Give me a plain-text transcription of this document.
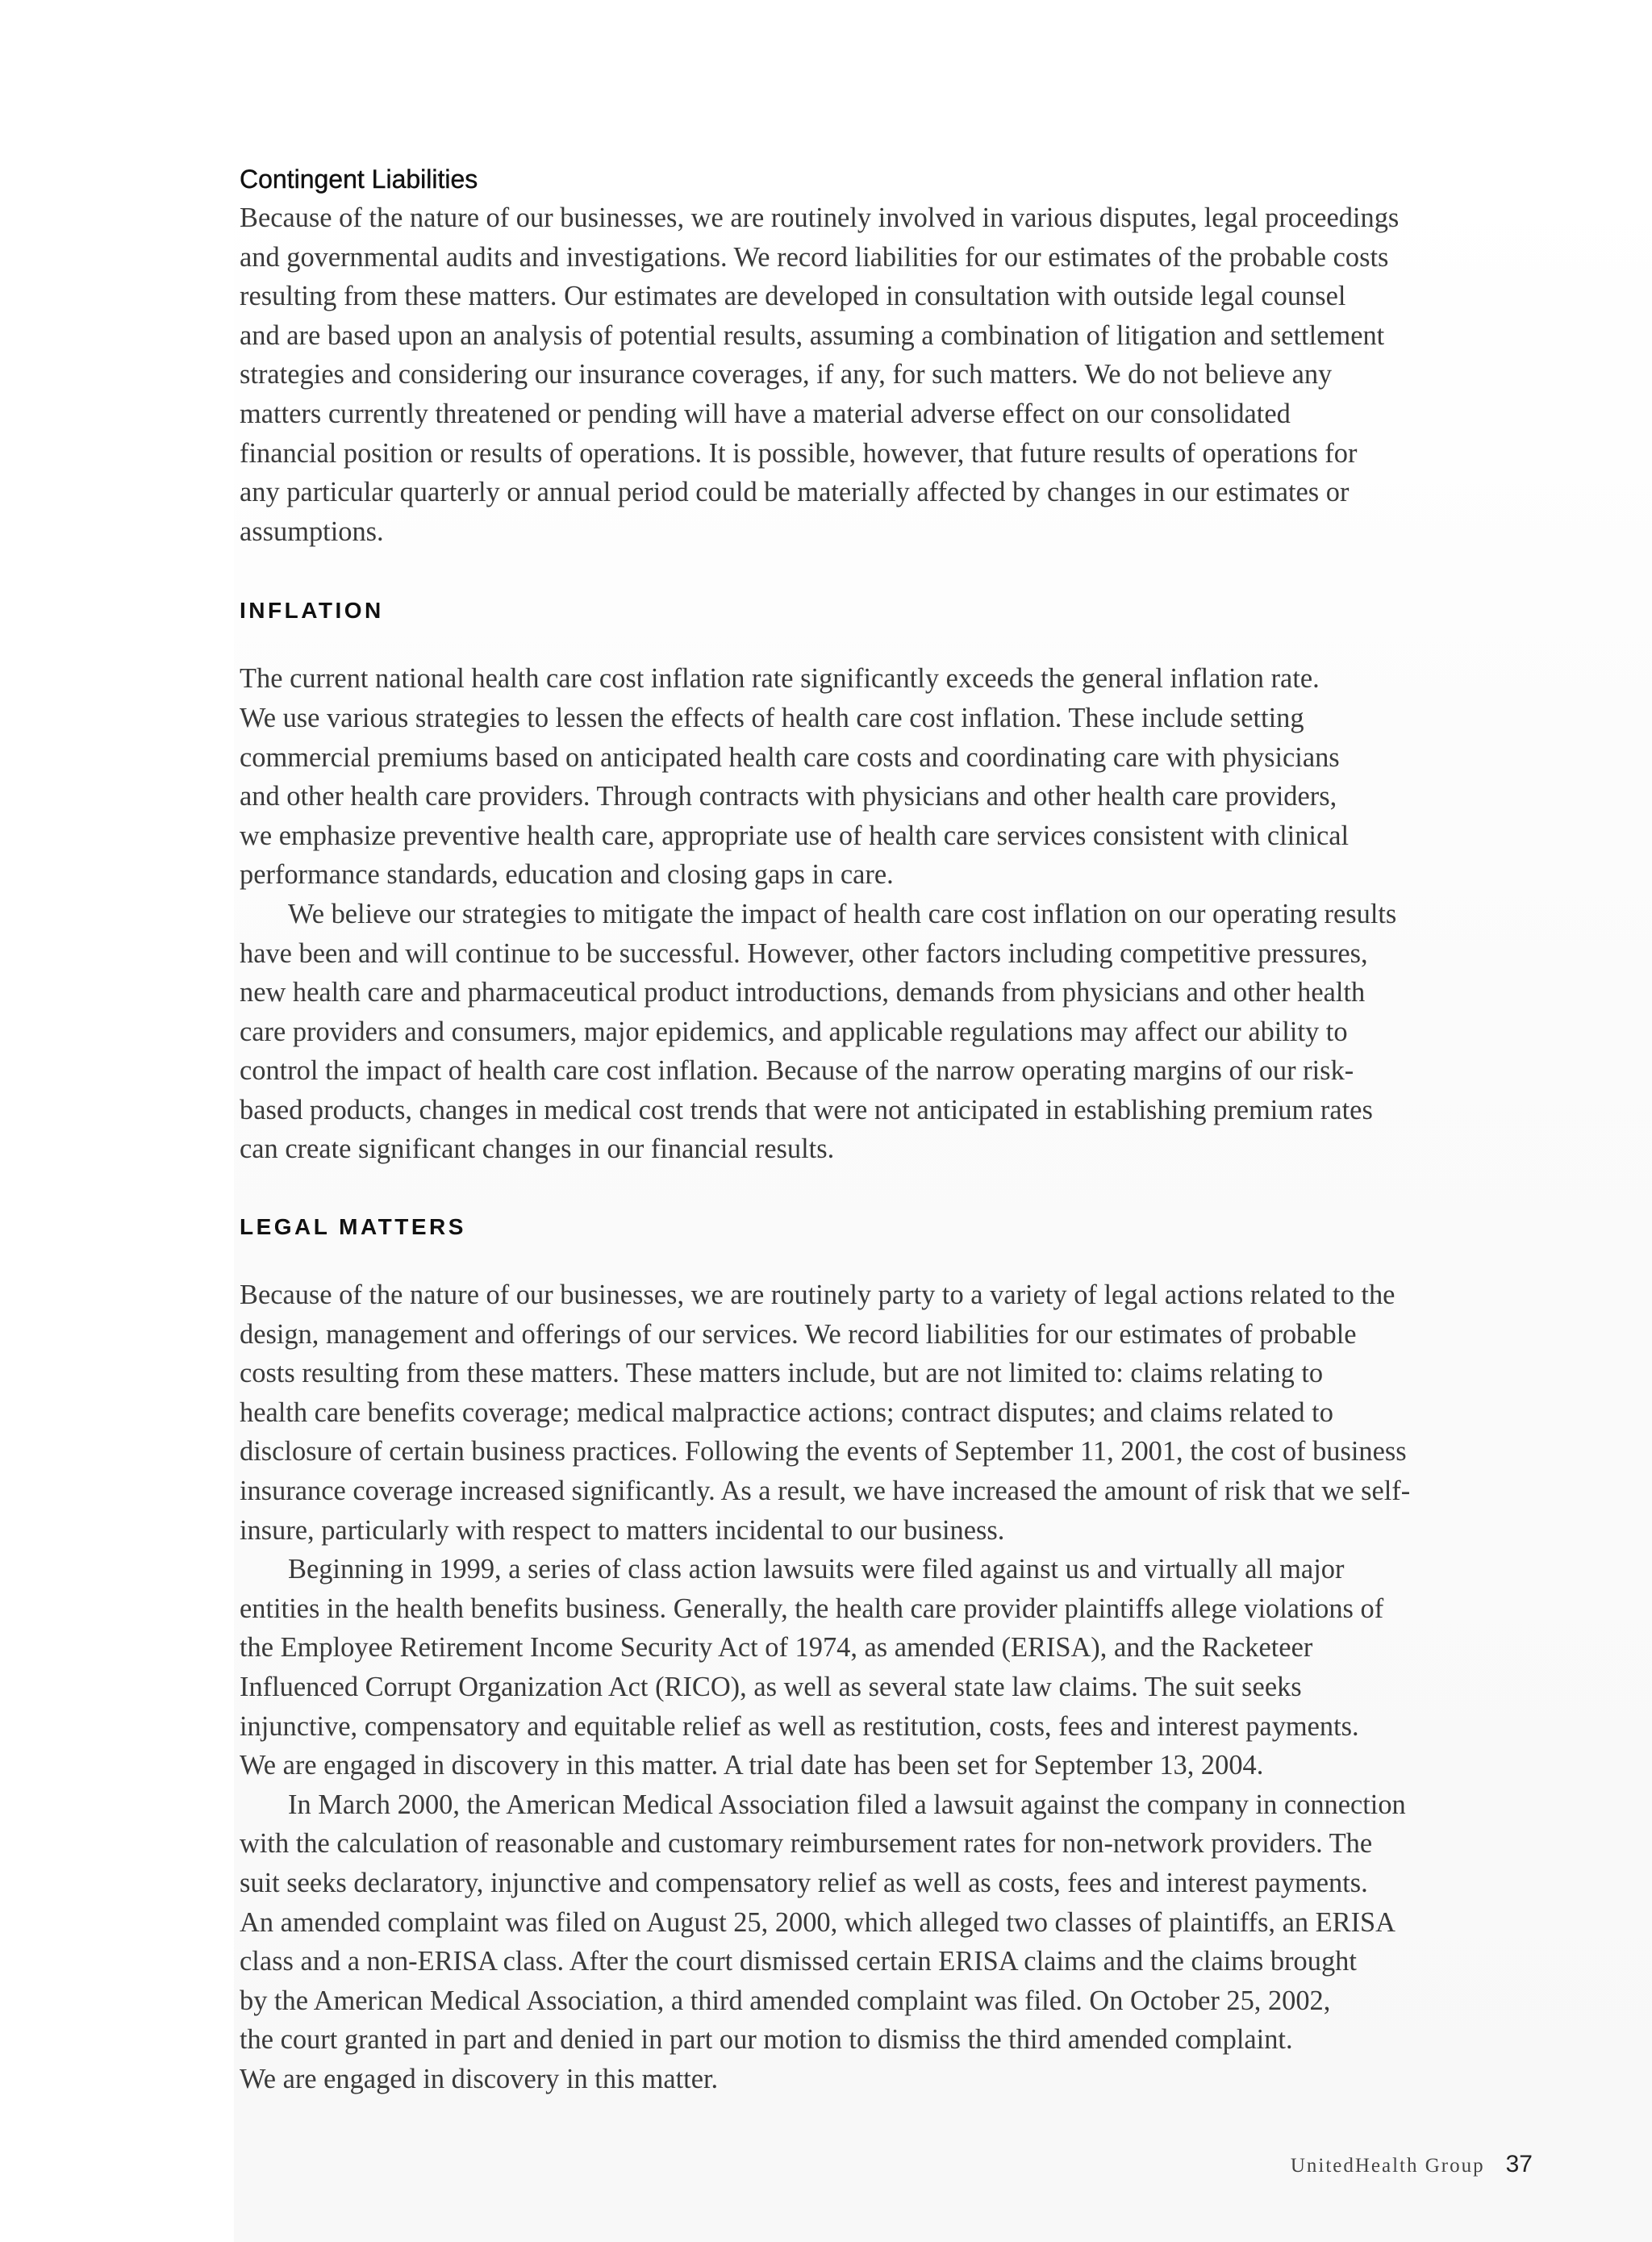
Contingent Liabilities

Because of the nature of our businesses, we are routinely involved in various disputes, legal proceedings
and governmental audits and investigations. We record liabilities for our estimates of the probable costs
resulting from these matters. Our estimates are developed in consultation with outside legal counsel
and are based upon an analysis of potential results, assuming a combination of litigation and settlement
strategies and considering our insurance coverages, if any, for such matters. We do not believe any
matters currently threatened or pending will have a material adverse effect on our consolidated
financial position or results of operations. It is possible, however, that future results of operations for
any particular quarterly or annual period could be materially affected by changes in our estimates or
assumptions.

INFLATION

The current national health care cost inflation rate significantly exceeds the general inflation rate.
We use various strategies to lessen the effects of health care cost inflation. These include setting
commercial premiums based on anticipated health care costs and coordinating care with physicians
and other health care providers. Through contracts with physicians and other health care providers,
we emphasize preventive health care, appropriate use of health care services consistent with clinical
performance standards, education and closing gaps in care.

We believe our strategies to mitigate the impact of health care cost inflation on our operating results
have been and will continue to be successful. However, other factors including competitive pressures,
new health care and pharmaceutical product introductions, demands from physicians and other health
care providers and consumers, major epidemics, and applicable regulations may affect our ability to
control the impact of health care cost inflation. Because of the narrow operating margins of our risk-
based products, changes in medical cost trends that were not anticipated in establishing premium rates
can create significant changes in our financial results.

LEGAL MATTERS

Because of the nature of our businesses, we are routinely party to a variety of legal actions related to the
design, management and offerings of our services. We record liabilities for our estimates of probable
costs resulting from these matters. These matters include, but are not limited to: claims relating to
health care benefits coverage; medical malpractice actions; contract disputes; and claims related to
disclosure of certain business practices. Following the events of September 11, 2001, the cost of business
insurance coverage increased significantly. As a result, we have increased the amount of risk that we self-
insure, particularly with respect to matters incidental to our business.

Beginning in 1999, a series of class action lawsuits were filed against us and virtually all major
entities in the health benefits business. Generally, the health care provider plaintiffs allege violations of
the Employee Retirement Income Security Act of 1974, as amended (ERISA), and the Racketeer
Influenced Corrupt Organization Act (RICO), as well as several state law claims. The suit seeks
injunctive, compensatory and equitable relief as well as restitution, costs, fees and interest payments.
We are engaged in discovery in this matter. A trial date has been set for September 13, 2004.

In March 2000, the American Medical Association filed a lawsuit against the company in connection
with the calculation of reasonable and customary reimbursement rates for non-network providers. The
suit seeks declaratory, injunctive and compensatory relief as well as costs, fees and interest payments.
An amended complaint was filed on August 25, 2000, which alleged two classes of plaintiffs, an ERISA
class and a non-ERISA class. After the court dismissed certain ERISA claims and the claims brought
by the American Medical Association, a third amended complaint was filed. On October 25, 2002,
the court granted in part and denied in part our motion to dismiss the third amended complaint.
We are engaged in discovery in this matter.

UnitedHealth Group 37
